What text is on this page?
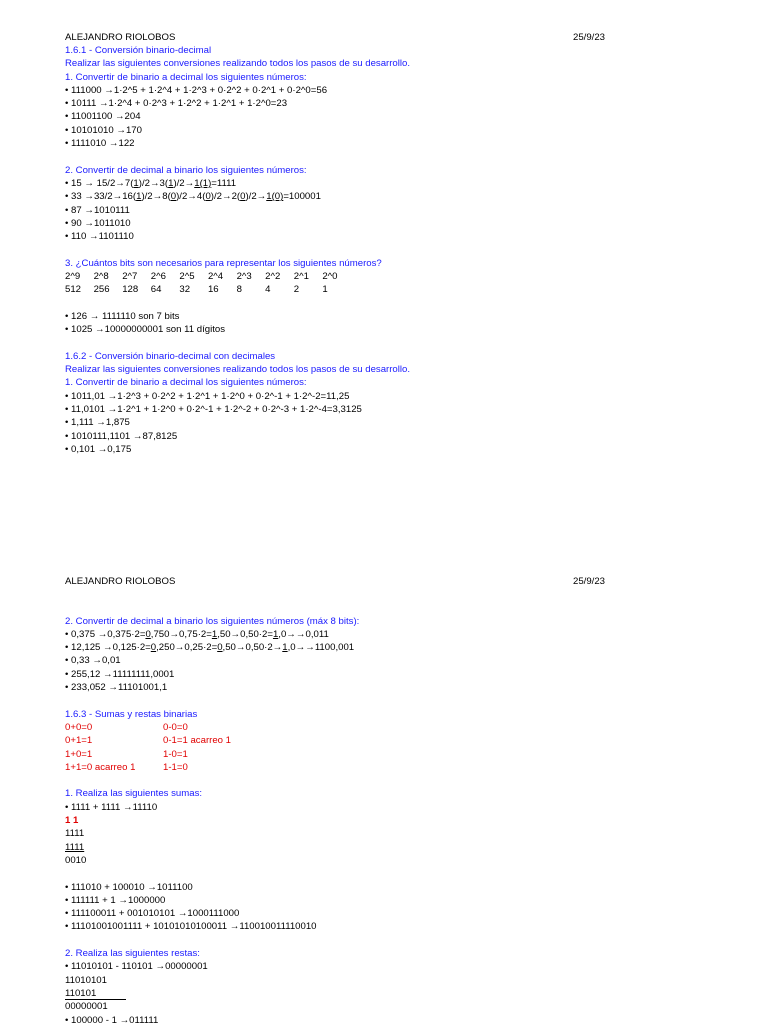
ALEJANDRO RIOLOBOS	25/9/23
1.6.1 - Conversión binario-decimal
Realizar las siguientes conversiones realizando todos los pasos de su desarrollo.
1. Convertir de binario a decimal los siguientes números:
• 111000 →1·2^5 + 1·2^4 + 1·2^3 + 0·2^2 + 0·2^1 + 0·2^0=56
• 10111 →1·2^4 + 0·2^3 + 1·2^2 + 1·2^1 + 1·2^0=23
• 11001100 →204
• 10101010 →170
• 1111010 →122
2. Convertir de decimal a binario los siguientes números:
• 15 → 15/2→7(1)/2→3(1)/2→1(1)=1111
• 33 →33/2→16(1)/2→8(0)/2→4(0)/2→2(0)/2→1(0)=100001
• 87 →1010111
• 90 →1011010
• 110 →1101110
3. ¿Cuántos bits son necesarios para representar los siguientes números?
2^9 2^8 2^7 2^6 2^5 2^4 2^3 2^2 2^1 2^0
512 256 128 64 32 16 8 4 2 1
• 126 → 1111110 son 7 bits
• 1025 →10000000001 son 11 dígitos
1.6.2 - Conversión binario-decimal con decimales
Realizar las siguientes conversiones realizando todos los pasos de su desarrollo.
1. Convertir de binario a decimal los siguientes números:
• 1011,01 →1·2^3 + 0·2^2 + 1·2^1 + 1·2^0 + 0·2^-1 + 1·2^-2=11,25
• 11,0101 →1·2^1 + 1·2^0 + 0·2^-1 + 1·2^-2 + 0·2^-3 + 1·2^-4=3,3125
• 1,111 →1,875
• 1010111,1101 →87,8125
• 0,101 →0,175
ALEJANDRO RIOLOBOS	25/9/23
2. Convertir de decimal a binario los siguientes números (máx 8 bits):
• 0,375 →0,375·2=0,750→0,75·2=1,50→0,50·2=1,0→→0,011
• 12,125 →0,125·2=0,250→0,25·2=0,50→0,50·2→1,0→→1100,001
• 0,33 →0,01
• 255,12 →11111111,0001
• 233,052 →11101001,1
1.6.3 - Sumas y restas binarias
0+0=0
0+1=1
1+0=1
1+1=0 acarreo 1
0-0=0
0-1=1 acarreo 1
1-0=1
1-1=0
1. Realiza las siguientes sumas:
• 1111 + 1111 →11110
1 1
1111
1111
0010
• 111010 + 100010 →1011100
• 111111 + 1 →1000000
• 111100011 + 001010101 →1000111000
• 11101001001111 + 10101010100011 →110010011110010
2. Realiza las siguientes restas:
• 11010101 - 110101 →00000001
11010101
110101
00000001
• 100000 - 1 →011111
